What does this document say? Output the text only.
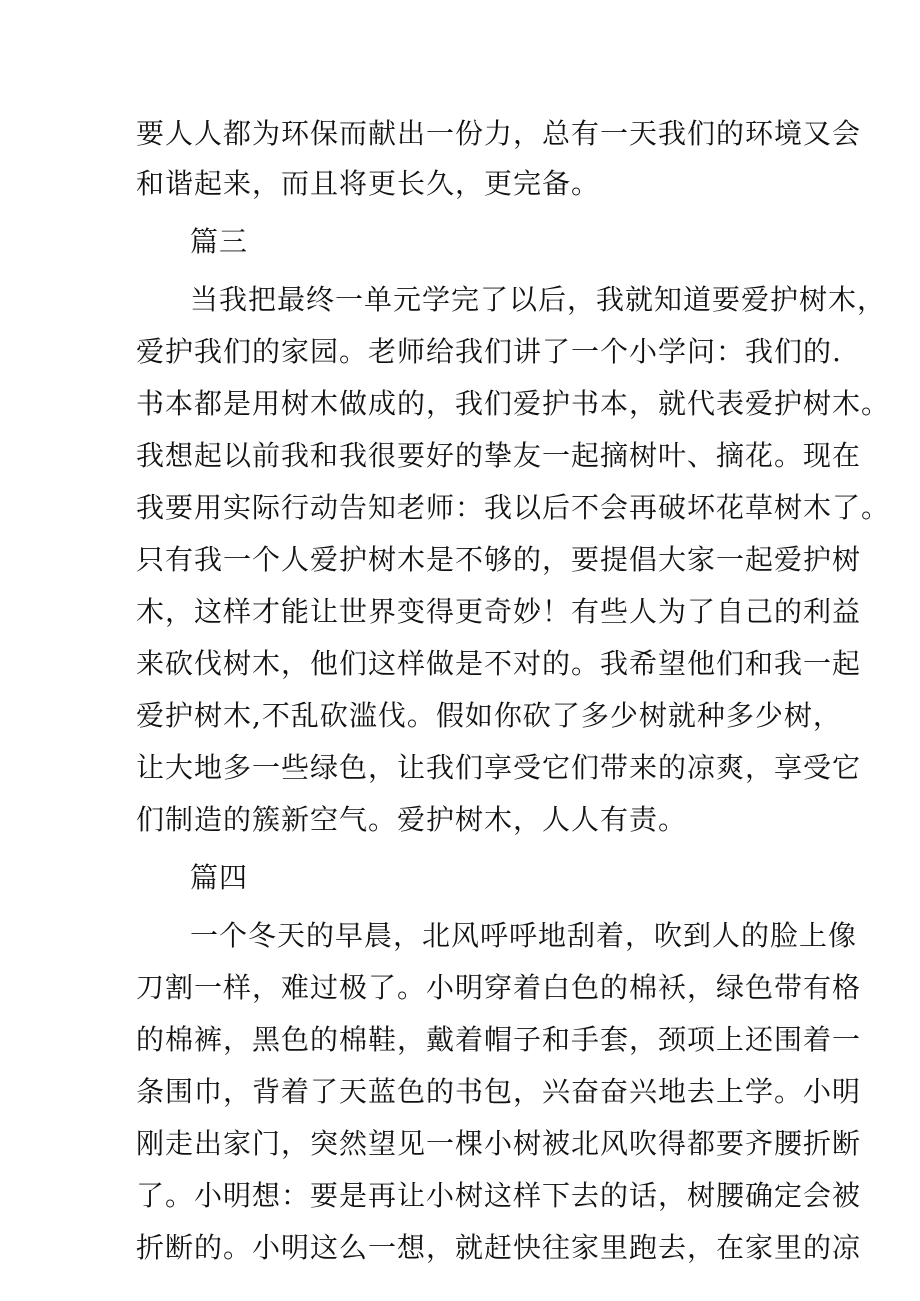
要人人都为环保而献出一份力，总有一天我们的环境又会
和谐起来，而且将更长久，更完备。
篇三
当我把最终一单元学完了以后，我就知道要爱护树木，
爱护我们的家园。老师给我们讲了一个小学问：我们的.
书本都是用树木做成的，我们爱护书本，就代表爱护树木。
我想起以前我和我很要好的挚友一起摘树叶、摘花。现在
我要用实际行动告知老师：我以后不会再破坏花草树木了。
只有我一个人爱护树木是不够的，要提倡大家一起爱护树
木，这样才能让世界变得更奇妙！有些人为了自己的利益
来砍伐树木，他们这样做是不对的。我希望他们和我一起
爱护树木,不乱砍滥伐。假如你砍了多少树就种多少树，
让大地多一些绿色，让我们享受它们带来的凉爽，享受它
们制造的簇新空气。爱护树木，人人有责。
篇四
一个冬天的早晨，北风呼呼地刮着，吹到人的脸上像
刀割一样，难过极了。小明穿着白色的棉袄，绿色带有格
的棉裤，黑色的棉鞋，戴着帽子和手套，颈项上还围着一
条围巾，背着了天蓝色的书包，兴奋奋兴地去上学。小明
刚走出家门，突然望见一棵小树被北风吹得都要齐腰折断
了。小明想：要是再让小树这样下去的话，树腰确定会被
折断的。小明这么一想，就赶快往家里跑去，在家里的凉
